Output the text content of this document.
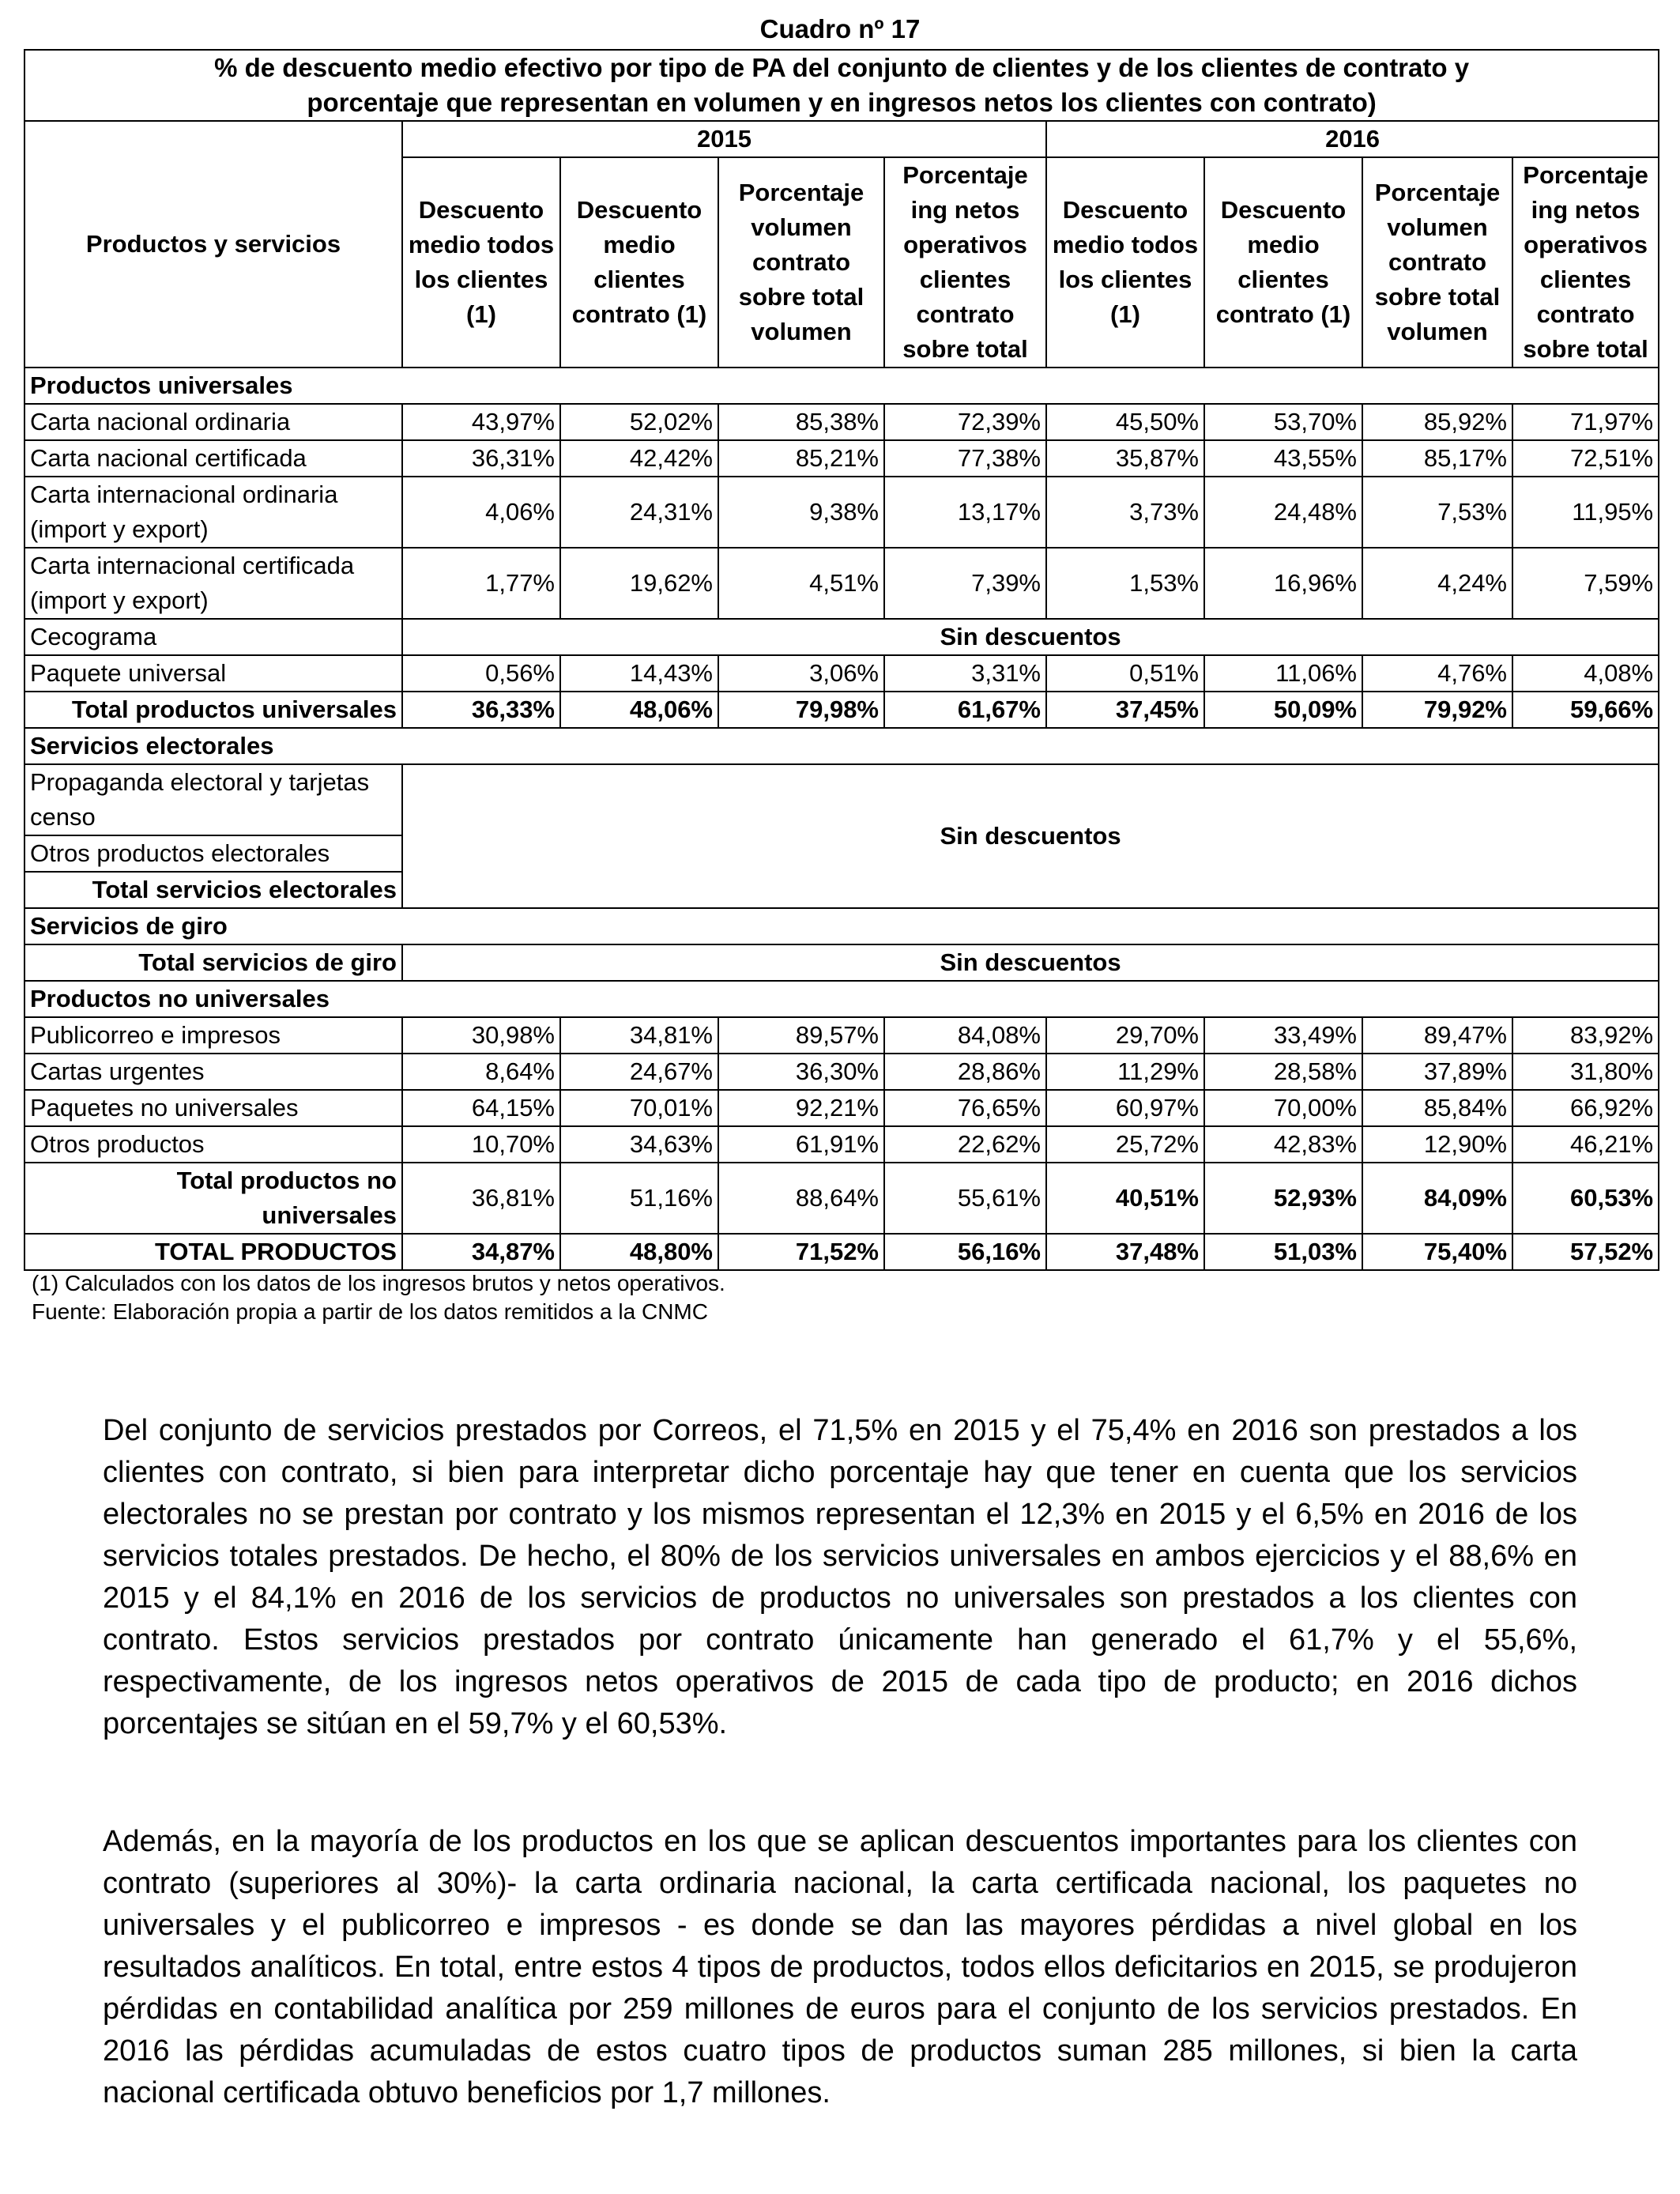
Cuadro nº 17
% de descuento medio efectivo por tipo de PA del conjunto de clientes y de los clientes de contrato y
porcentaje que representan en volumen y en ingresos netos los clientes con contrato)								

Productos y servicios	2015				2016			
	Descuento medio todos los clientes (1)	Descuento medio clientes contrato (1)	Porcentaje volumen contrato sobre total volumen	Porcentaje ing netos operativos clientes contrato sobre total	Descuento medio todos los clientes (1)	Descuento medio clientes contrato (1)	Porcentaje volumen contrato sobre total volumen	Porcentaje ing netos operativos clientes contrato sobre total
Productos universales								
Carta nacional ordinaria	43,97%	52,02%	85,38%	72,39%	45,50%	53,70%	85,92%	71,97%
Carta nacional certificada	36,31%	42,42%	85,21%	77,38%	35,87%	43,55%	85,17%	72,51%

Carta internacional ordinaria
(import y export)	4,06%	24,31%	9,38%	13,17%	3,73%	24,48%	7,53%	11,95%

Carta internacional certificada
(import y export)	1,77%	19,62%	4,51%	7,39%	1,53%	16,96%	4,24%	7,59%
Cecograma	Sin descuentos							
Paquete universal	0,56%	14,43%	3,06%	3,31%	0,51%	11,06%	4,76%	4,08%
Total productos universales	36,33%	48,06%	79,98%	61,67%	37,45%	50,09%	79,92%	59,66%
Servicios electorales								

Propaganda electoral y tarjetas
censo	Sin descuentos							
Otros productos electorales								
Total servicios electorales								
Servicios de giro								
Total servicios de giro	Sin descuentos							
Productos no universales								
Publicorreo e impresos	30,98%	34,81%	89,57%	84,08%	29,70%	33,49%	89,47%	83,92%
Cartas urgentes	8,64%	24,67%	36,30%	28,86%	11,29%	28,58%	37,89%	31,80%
Paquetes no universales	64,15%	70,01%	92,21%	76,65%	60,97%	70,00%	85,84%	66,92%
Otros productos	10,70%	34,63%	61,91%	22,62%	25,72%	42,83%	12,90%	46,21%

Total productos no
universales	36,81%	51,16%	88,64%	55,61%	40,51%	52,93%	84,09%	60,53%
TOTAL PRODUCTOS	34,87%	48,80%	71,52%	56,16%	37,48%	51,03%	75,40%	57,52%
(1) Calculados con los datos de los ingresos brutos y netos operativos.
Fuente: Elaboración propia a partir de los datos remitidos a la CNMC
Del conjunto de servicios prestados por Correos, el 71,5% en 2015 y el 75,4% en 2016 son prestados a los clientes con contrato, si bien para interpretar dicho porcentaje hay que tener en cuenta que los servicios electorales no se prestan por contrato y los mismos representan el 12,3% en 2015 y el 6,5% en 2016 de los servicios totales prestados. De hecho, el 80% de los servicios universales en ambos ejercicios y el 88,6% en 2015 y el 84,1% en 2016 de los servicios de productos no universales son prestados a los clientes con contrato. Estos servicios prestados por contrato únicamente han generado el 61,7% y el 55,6%, respectivamente, de los ingresos netos operativos de 2015 de cada tipo de producto; en 2016 dichos porcentajes se sitúan en el 59,7% y el 60,53%.
Además, en la mayoría de los productos en los que se aplican descuentos importantes para los clientes con contrato (superiores al 30%)- la carta ordinaria nacional, la carta certificada nacional, los paquetes no universales y el publicorreo e impresos - es donde se dan las mayores pérdidas a nivel global en los resultados analíticos. En total, entre estos 4 tipos de productos, todos ellos deficitarios en 2015, se produjeron pérdidas en contabilidad analítica por 259 millones de euros para el conjunto de los servicios prestados. En 2016 las pérdidas acumuladas de estos cuatro tipos de productos suman 285 millones, si bien la carta nacional certificada obtuvo beneficios por 1,7 millones.
